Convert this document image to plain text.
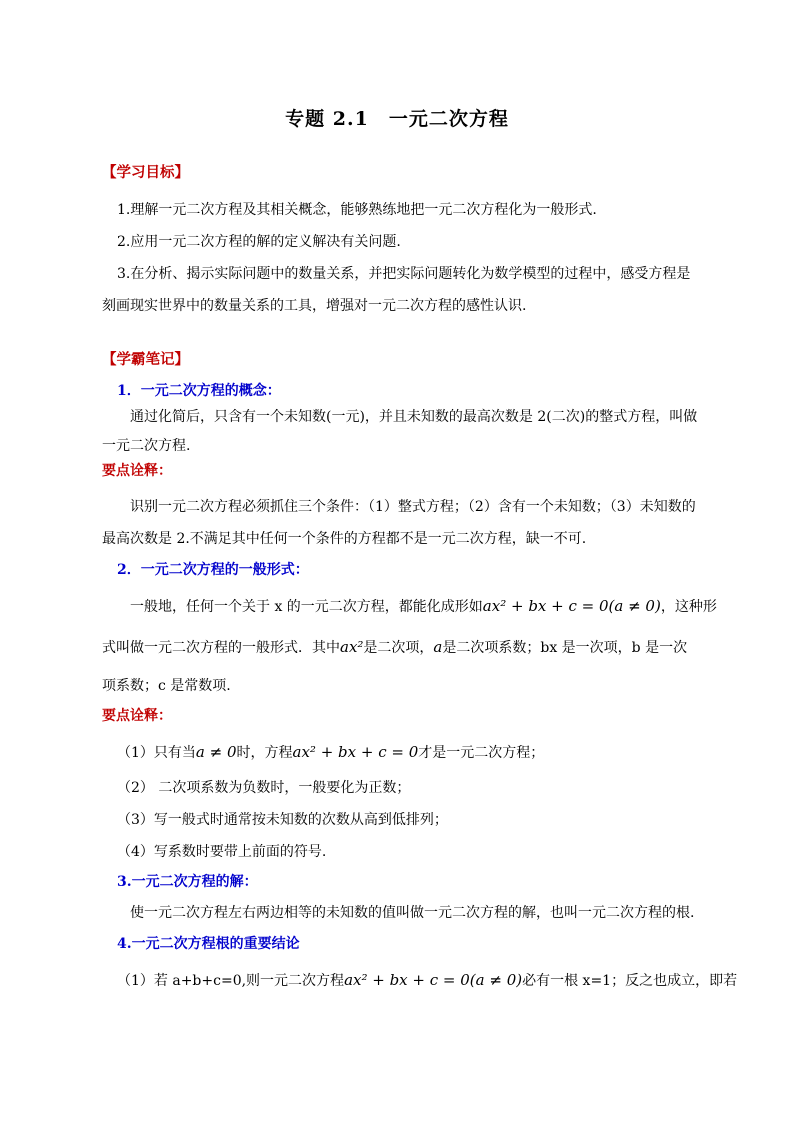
专题 2.1　一元二次方程
【学习目标】
1.理解一元二次方程及其相关概念，能够熟练地把一元二次方程化为一般形式.
2.应用一元二次方程的解的定义解决有关问题.
3.在分析、揭示实际问题中的数量关系，并把实际问题转化为数学模型的过程中，感受方程是
刻画现实世界中的数量关系的工具，增强对一元二次方程的感性认识.
【学霸笔记】
1．一元二次方程的概念：
通过化简后，只含有一个未知数(一元)，并且未知数的最高次数是 2(二次)的整式方程，叫做
一元二次方程.
要点诠释：
识别一元二次方程必须抓住三个条件：（1）整式方程；（2）含有一个未知数；（3）未知数的
最高次数是 2.不满足其中任何一个条件的方程都不是一元二次方程，缺一不可.
2．一元二次方程的一般形式：
一般地，任何一个关于 x 的一元二次方程，都能化成形如ax² + bx + c = 0(a ≠ 0)，这种形
式叫做一元二次方程的一般形式．其中ax²是二次项，a是二次项系数；bx 是一次项，b 是一次
项系数；c 是常数项.
要点诠释：
（1）只有当a ≠ 0时，方程ax² + bx + c = 0才是一元二次方程；
（2） 二次项系数为负数时，一般要化为正数；
（3）写一般式时通常按未知数的次数从高到低排列；
（4）写系数时要带上前面的符号.
3.一元二次方程的解：
使一元二次方程左右两边相等的未知数的值叫做一元二次方程的解，也叫一元二次方程的根.
4.一元二次方程根的重要结论
（1）若 a+b+c=0,则一元二次方程ax² + bx + c = 0(a ≠ 0)必有一根 x=1；反之也成立，即若
